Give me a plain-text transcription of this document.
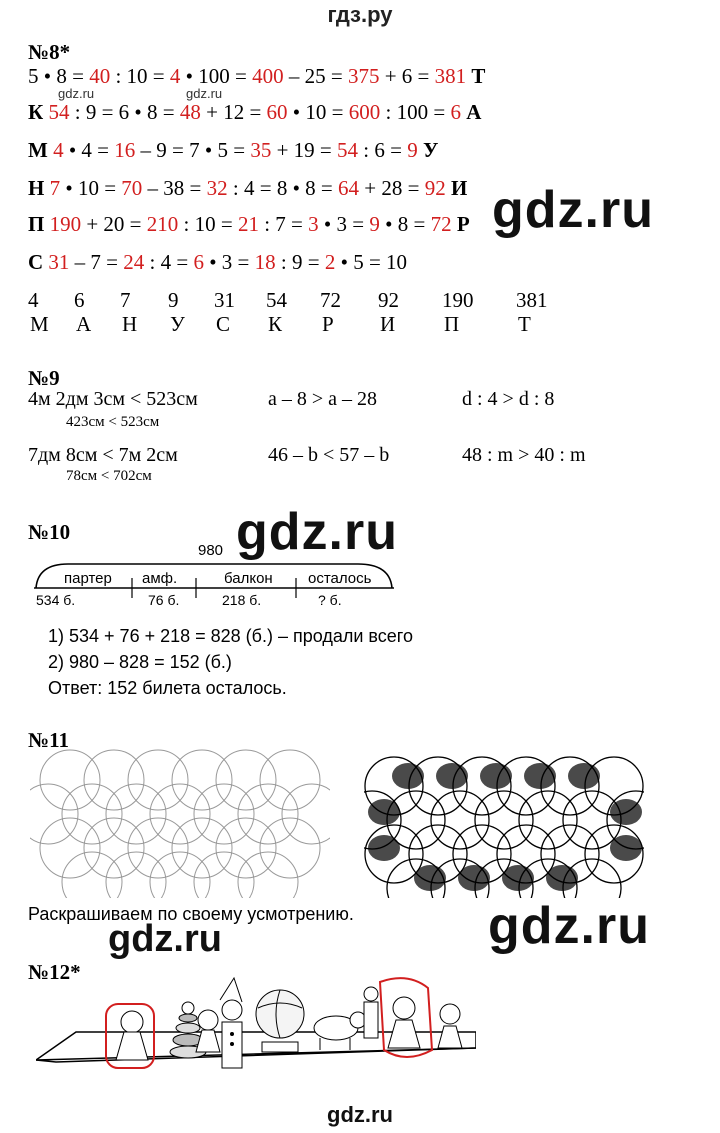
гдз.ру
№8*
5 • 8 = 40 : 10 = 4 • 100 = 400 – 25 = 375 + 6 = 381 Т
К 54 : 9 = 6 • 8 = 48 + 12 = 60 • 10 = 600 : 100 = 6 А
М 4 • 4 = 16 – 9 = 7 • 5 = 35 + 19 = 54 : 6 = 9 У
Н 7 • 10 = 70 – 38 = 32 : 4 = 8 • 8 = 64 + 28 = 92 И
П 190 + 20 = 210 : 10 = 21 : 7 = 3 • 3 = 9 • 8 = 72 Р
С 31 – 7 = 24 : 4 = 6 • 3 = 18 : 9 = 2 • 5 = 10
gdz.ru	gdz.ru
gdz.ru
4 6 7 9 31 54 72 92 190 381
М А Н У С К Р И П	Т
№9
4м 2дм 3см < 523см
423см < 523см
a – 8 > a – 28	d : 4 > d : 8
7дм 8см < 7м 2см
78см < 702см
46 – b < 57 – b	48 : m > 40 : m
№10	gdz.ru
980
партер амф.	балкон осталось
534 б.	76 б.	218 б.	? б.
1) 534 + 76 + 218 = 828 (б.) – продали всего
2) 980 – 828 = 152 (б.)
Ответ: 152 билета осталось.
№11
Раскрашиваем по своему усмотрению.	gdz.ru
gdz.ru
№12*
gdz.ru
